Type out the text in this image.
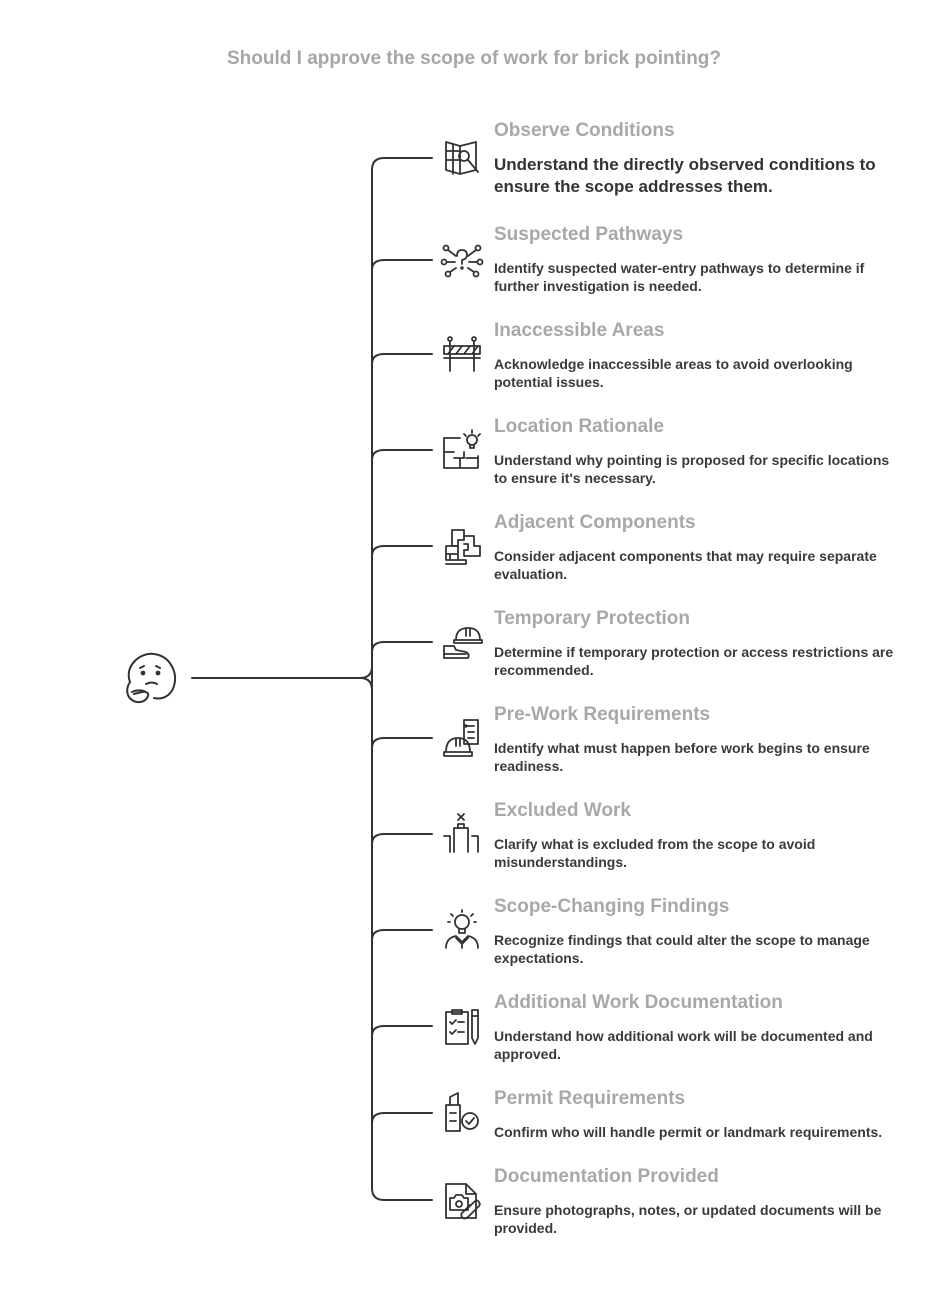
Should I approve the scope of work for brick pointing?
Observe Conditions
Understand the directly observed conditions to ensure the scope addresses them.
Suspected Pathways
Identify suspected water-entry pathways to determine if further investigation is needed.
Inaccessible Areas
Acknowledge inaccessible areas to avoid overlooking potential issues.
Location Rationale
Understand why pointing is proposed for specific locations to ensure it's necessary.
Adjacent Components
Consider adjacent components that may require separate evaluation.
Temporary Protection
Determine if temporary protection or access restrictions are recommended.
Pre-Work Requirements
Identify what must happen before work begins to ensure readiness.
Excluded Work
Clarify what is excluded from the scope to avoid misunderstandings.
Scope-Changing Findings
Recognize findings that could alter the scope to manage expectations.
Additional Work Documentation
Understand how additional work will be documented and approved.
Permit Requirements
Confirm who will handle permit or landmark requirements.
Documentation Provided
Ensure photographs, notes, or updated documents will be provided.
